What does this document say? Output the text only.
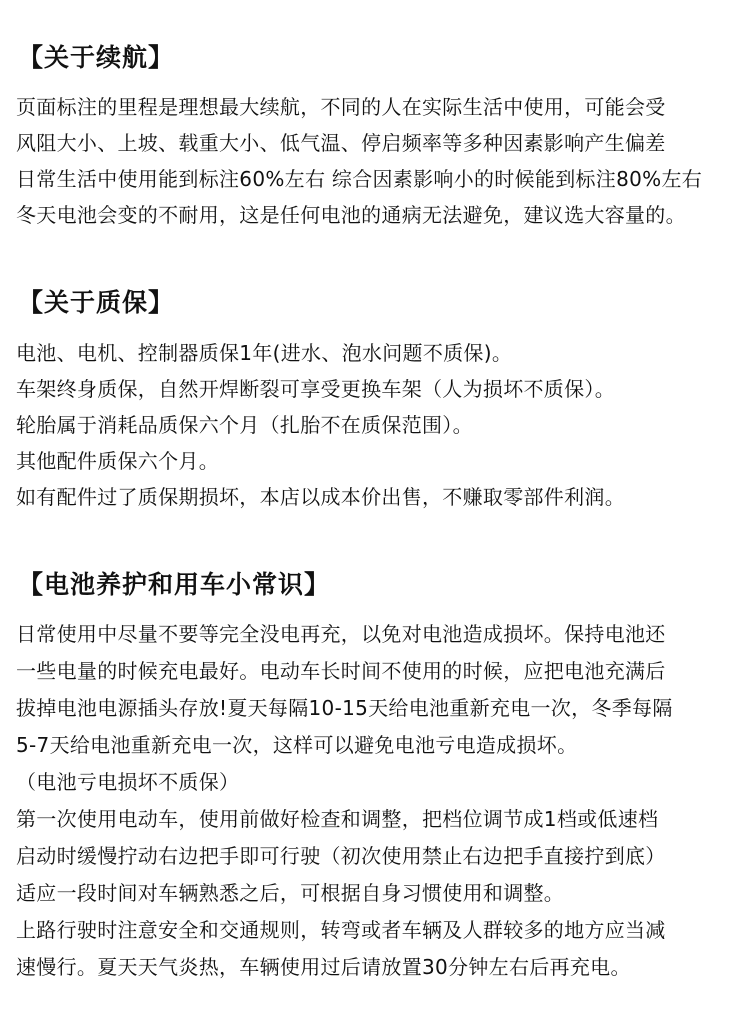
【关于续航】
页面标注的里程是理想最大续航，不同的人在实际生活中使用，可能会受
风阻大小、上坡、载重大小、低气温、停启频率等多种因素影响产生偏差
日常生活中使用能到标注60%左右 综合因素影响小的时候能到标注80%左右
冬天电池会变的不耐用，这是任何电池的通病无法避免，建议选大容量的。
【关于质保】
电池、电机、控制器质保1年(进水、泡水问题不质保)。
车架终身质保，自然开焊断裂可享受更换车架（人为损坏不质保）。
轮胎属于消耗品质保六个月（扎胎不在质保范围）。
其他配件质保六个月。
如有配件过了质保期损坏，本店以成本价出售，不赚取零部件利润。
【电池养护和用车小常识】
日常使用中尽量不要等完全没电再充，以免对电池造成损坏。保持电池还
一些电量的时候充电最好。电动车长时间不使用的时候，应把电池充满后
拔掉电池电源插头存放!夏天每隔10-15天给电池重新充电一次，冬季每隔
5-7天给电池重新充电一次，这样可以避免电池亏电造成损坏。
（电池亏电损坏不质保）
第一次使用电动车，使用前做好检查和调整，把档位调节成1档或低速档
启动时缓慢拧动右边把手即可行驶（初次使用禁止右边把手直接拧到底）
适应一段时间对车辆熟悉之后，可根据自身习惯使用和调整。
上路行驶时注意安全和交通规则，转弯或者车辆及人群较多的地方应当减
速慢行。夏天天气炎热，车辆使用过后请放置30分钟左右后再充电。
